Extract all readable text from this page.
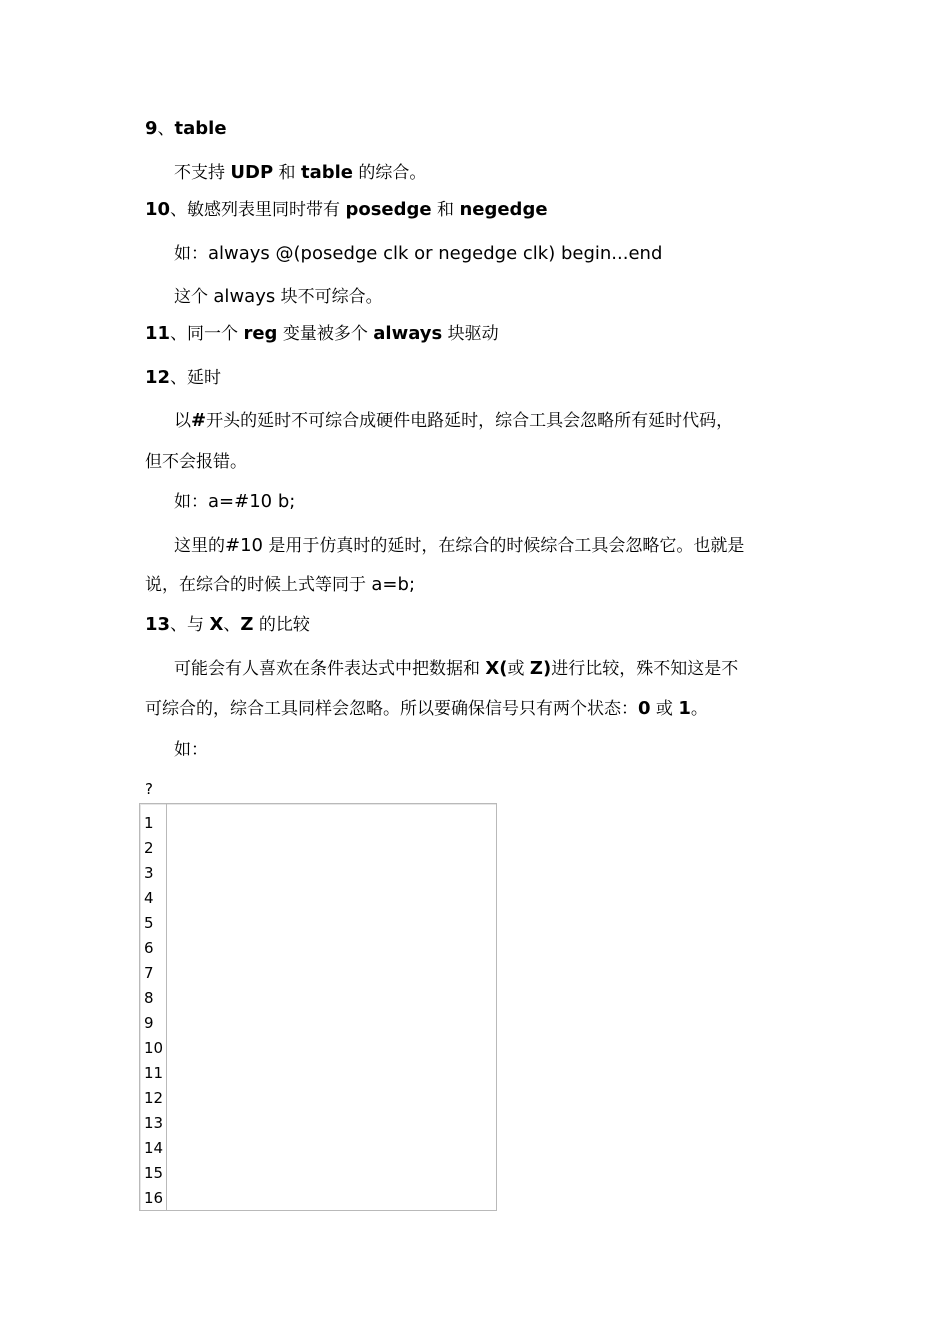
9、table
不支持 UDP 和 table 的综合。
10、敏感列表里同时带有 posedge 和 negedge
如：always @(posedge clk or negedge clk) begin...end
这个 always 块不可综合。
11、同一个 reg 变量被多个 always 块驱动
12、延时
以#开头的延时不可综合成硬件电路延时，综合工具会忽略所有延时代码，
但不会报错。
如：a=#10 b;
这里的#10 是用于仿真时的延时，在综合的时候综合工具会忽略它。也就是
说，在综合的时候上式等同于 a=b;
13、与 X、Z 的比较
可能会有人喜欢在条件表达式中把数据和 X(或 Z)进行比较，殊不知这是不
可综合的，综合工具同样会忽略。所以要确保信号只有两个状态：0 或 1。
如：
?
1
2
3
4
5
6
7
8
9
10
11
12
13
14
15
16
